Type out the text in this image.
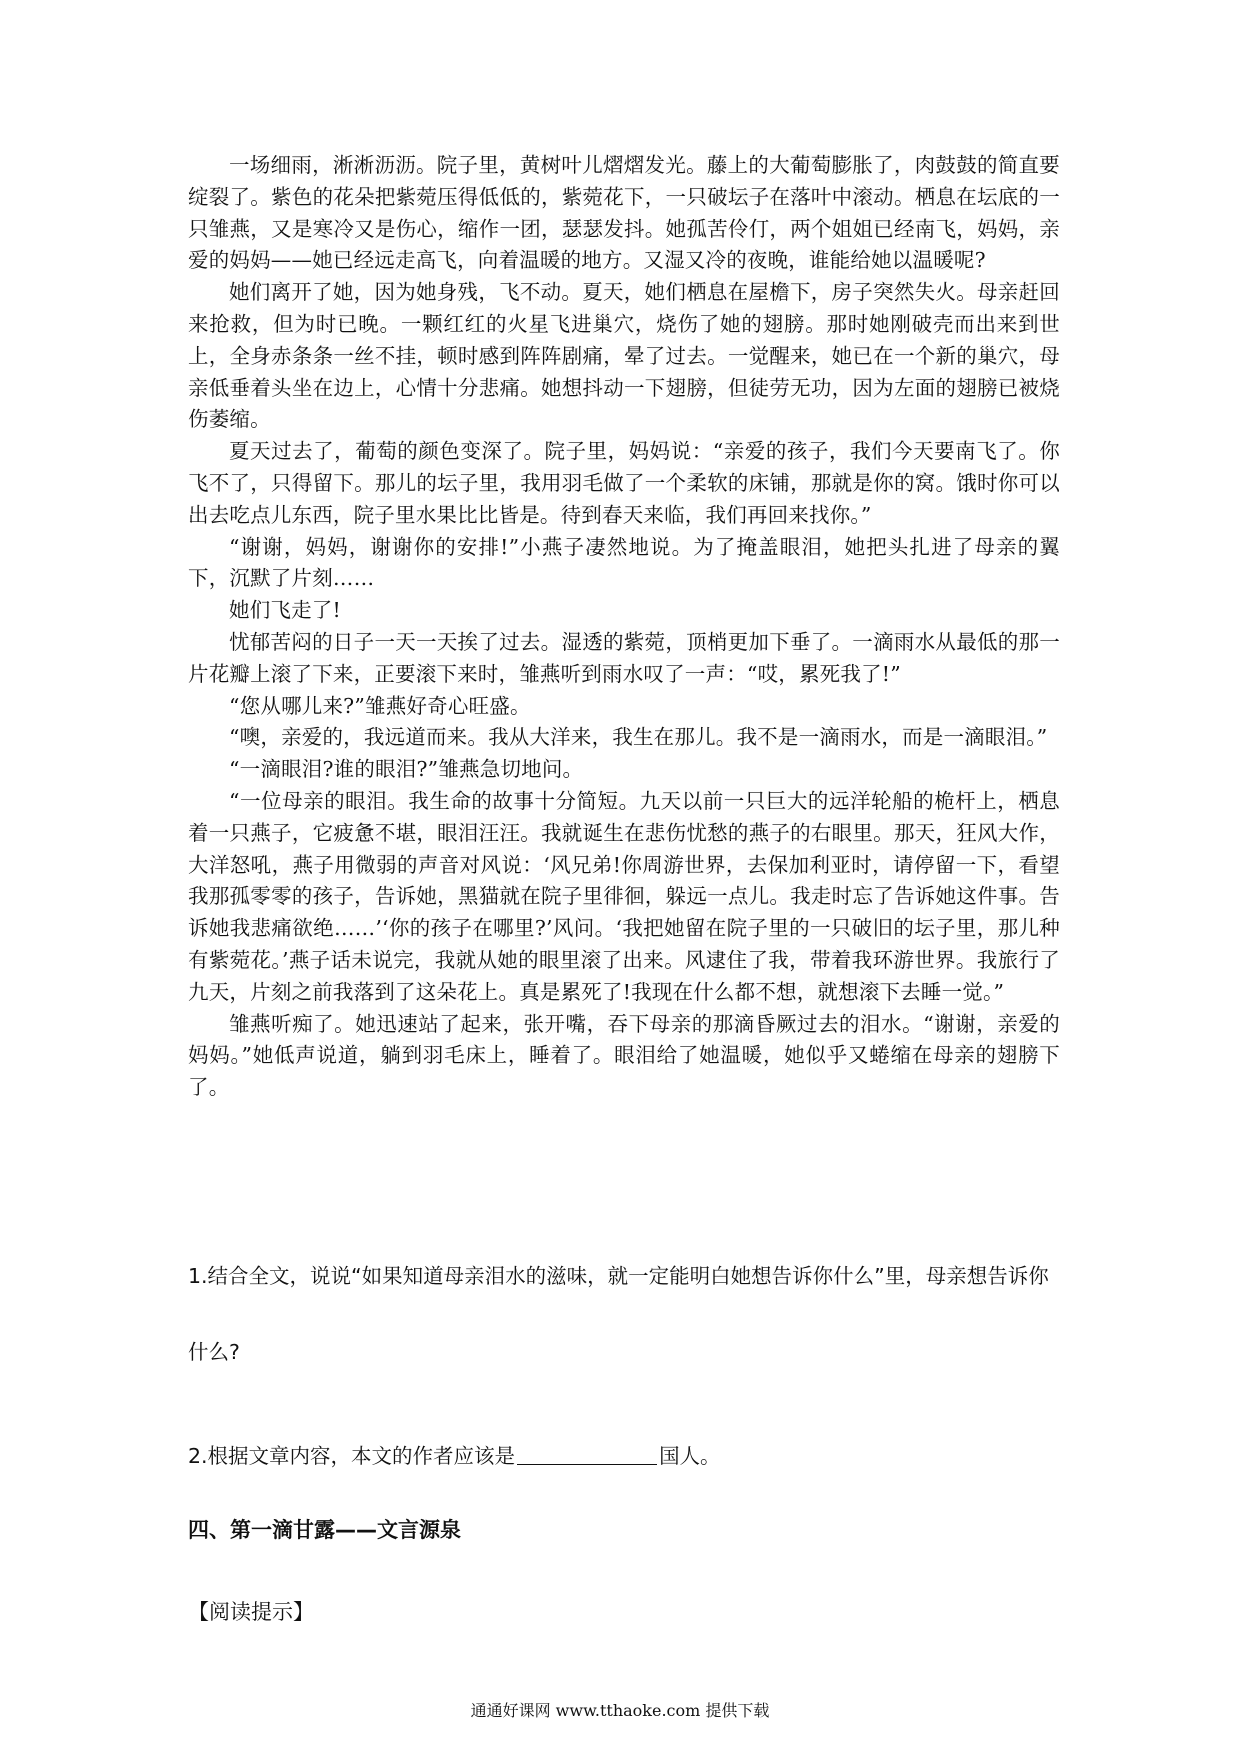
一场细雨，淅淅沥沥。院子里，黄树叶儿熠熠发光。藤上的大葡萄膨胀了，肉鼓鼓的简直要绽裂了。紫色的花朵把紫菀压得低低的，紫菀花下，一只破坛子在落叶中滚动。栖息在坛底的一只雏燕，又是寒冷又是伤心，缩作一团，瑟瑟发抖。她孤苦伶仃，两个姐姐已经南飞，妈妈，亲爱的妈妈——她已经远走高飞，向着温暖的地方。又湿又冷的夜晚，谁能给她以温暖呢?

她们离开了她，因为她身残，飞不动。夏天，她们栖息在屋檐下，房子突然失火。母亲赶回来抢救，但为时已晚。一颗红红的火星飞进巢穴，烧伤了她的翅膀。那时她刚破壳而出来到世上，全身赤条条一丝不挂，顿时感到阵阵剧痛，晕了过去。一觉醒来，她已在一个新的巢穴，母亲低垂着头坐在边上，心情十分悲痛。她想抖动一下翅膀，但徒劳无功，因为左面的翅膀已被烧伤萎缩。

夏天过去了，葡萄的颜色变深了。院子里，妈妈说：“亲爱的孩子，我们今天要南飞了。你飞不了，只得留下。那儿的坛子里，我用羽毛做了一个柔软的床铺，那就是你的窝。饿时你可以出去吃点儿东西，院子里水果比比皆是。待到春天来临，我们再回来找你。”

“谢谢，妈妈，谢谢你的安排!”小燕子凄然地说。为了掩盖眼泪，她把头扎进了母亲的翼下，沉默了片刻……

她们飞走了!

忧郁苦闷的日子一天一天挨了过去。湿透的紫菀，顶梢更加下垂了。一滴雨水从最低的那一片花瓣上滚了下来，正要滚下来时，雏燕听到雨水叹了一声：“哎，累死我了!”

“您从哪儿来?”雏燕好奇心旺盛。

“噢，亲爱的，我远道而来。我从大洋来，我生在那儿。我不是一滴雨水，而是一滴眼泪。”

“一滴眼泪?谁的眼泪?”雏燕急切地问。

“一位母亲的眼泪。我生命的故事十分简短。九天以前一只巨大的远洋轮船的桅杆上，栖息着一只燕子，它疲惫不堪，眼泪汪汪。我就诞生在悲伤忧愁的燕子的右眼里。那天，狂风大作，大洋怒吼，燕子用微弱的声音对风说：‘风兄弟!你周游世界，去保加利亚时，请停留一下，看望我那孤零零的孩子，告诉她，黑猫就在院子里徘徊，躲远一点儿。我走时忘了告诉她这件事。告诉她我悲痛欲绝……’‘你的孩子在哪里?’风问。‘我把她留在院子里的一只破旧的坛子里，那儿种有紫菀花。’燕子话未说完，我就从她的眼里滚了出来。风逮住了我，带着我环游世界。我旅行了九天，片刻之前我落到了这朵花上。真是累死了!我现在什么都不想，就想滚下去睡一觉。”

雏燕听痴了。她迅速站了起来，张开嘴，吞下母亲的那滴昏厥过去的泪水。“谢谢，亲爱的妈妈。”她低声说道，躺到羽毛床上，睡着了。眼泪给了她温暖，她似乎又蜷缩在母亲的翅膀下了。

1.结合全文，说说“如果知道母亲泪水的滋味，就一定能明白她想告诉你什么”里，母亲想告诉你什么?

2.根据文章内容，本文的作者应该是	国人。

四、第一滴甘露——文言源泉

【阅读提示】

通通好课网 www.tthaoke.com 提供下载
